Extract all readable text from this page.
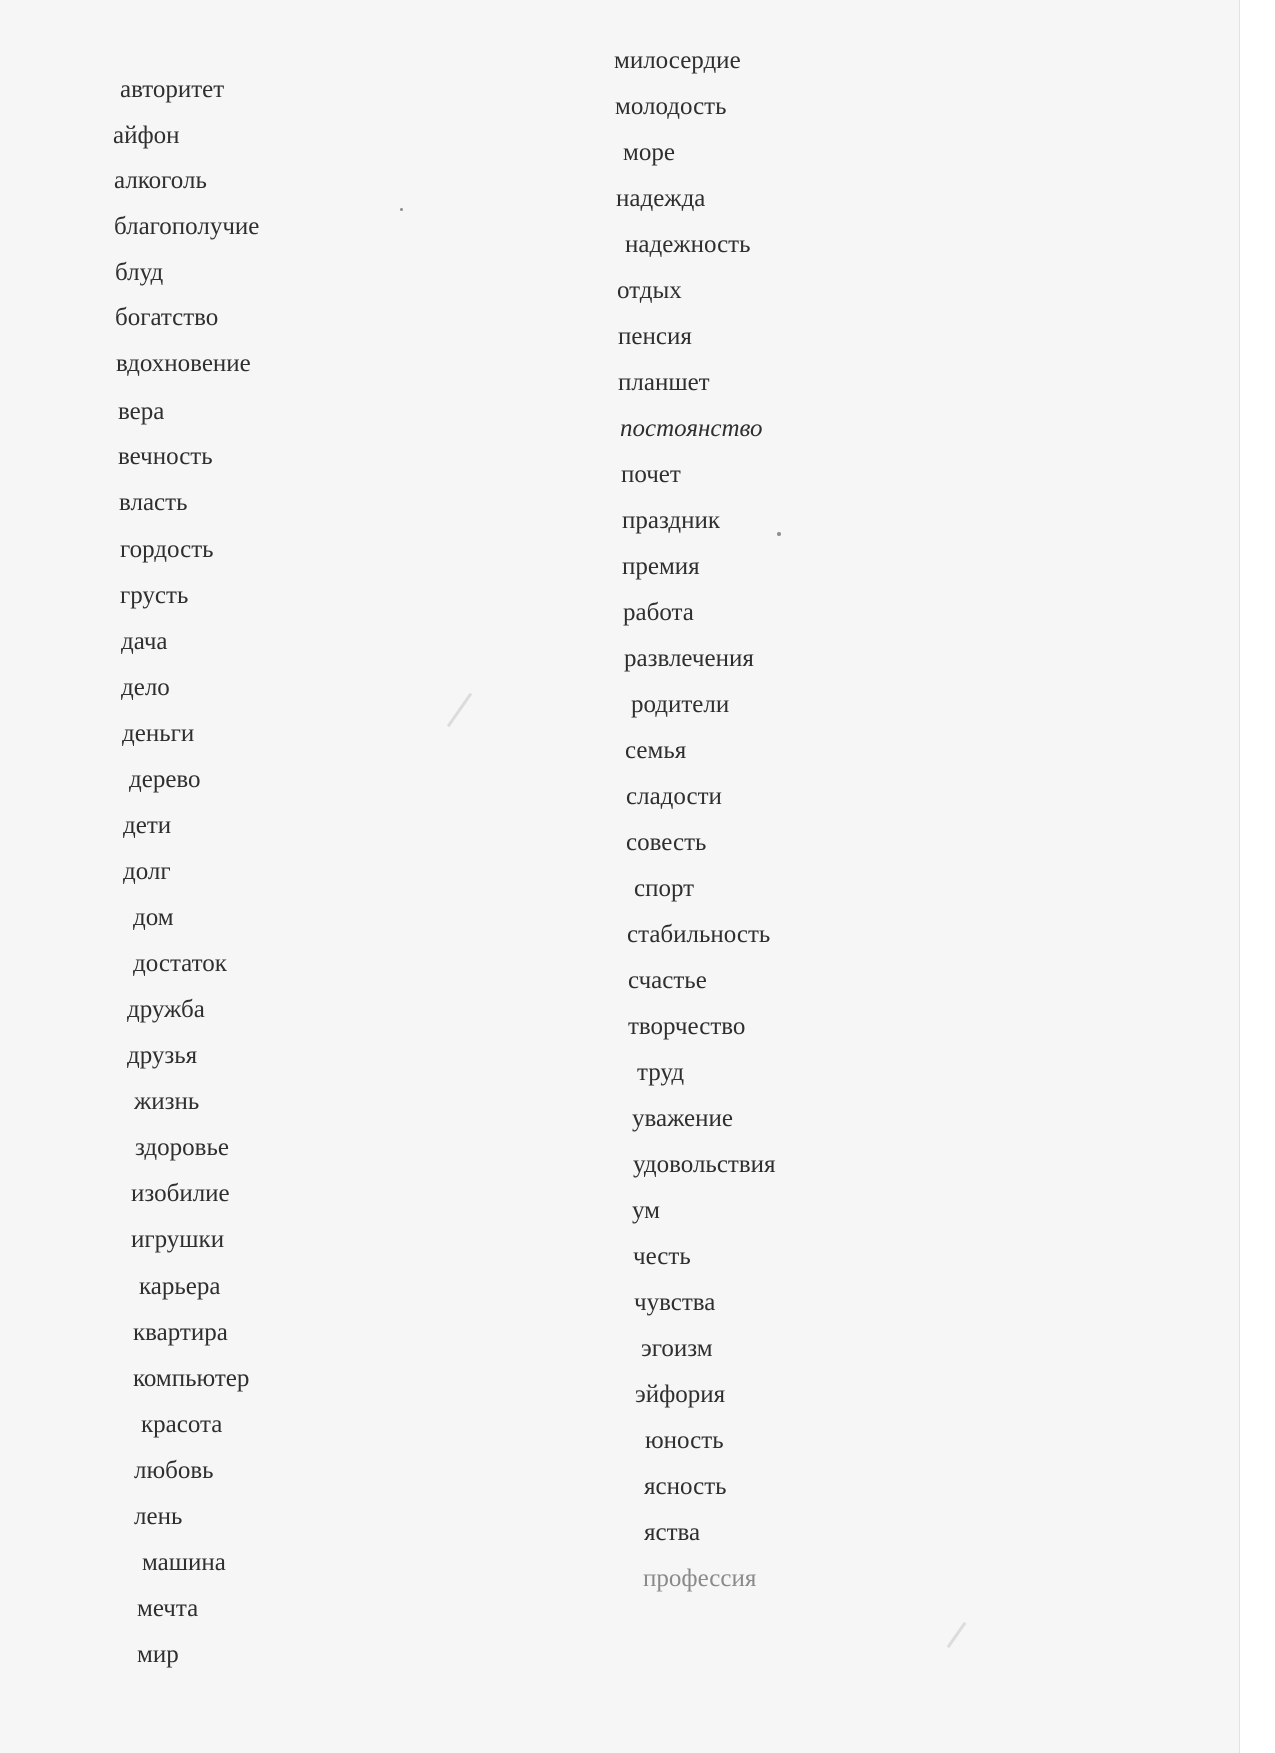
авторитет
айфон
алкоголь
благополучие
блуд
богатство
вдохновение
вера
вечность
власть
гордость
грусть
дача
дело
деньги
дерево
дети
долг
дом
достаток
дружба
друзья
жизнь
здоровье
изобилие
игрушки
карьера
квартира
компьютер
красота
любовь
лень
машина
мечта
мир
милосердие
молодость
море
надежда
надежность
отдых
пенсия
планшет
постоянство
почет
праздник
премия
работа
развлечения
родители
семья
сладости
совесть
спорт
стабильность
счастье
творчество
труд
уважение
удовольствия
ум
честь
чувства
эгоизм
эйфория
юность
ясность
яства
профессия
